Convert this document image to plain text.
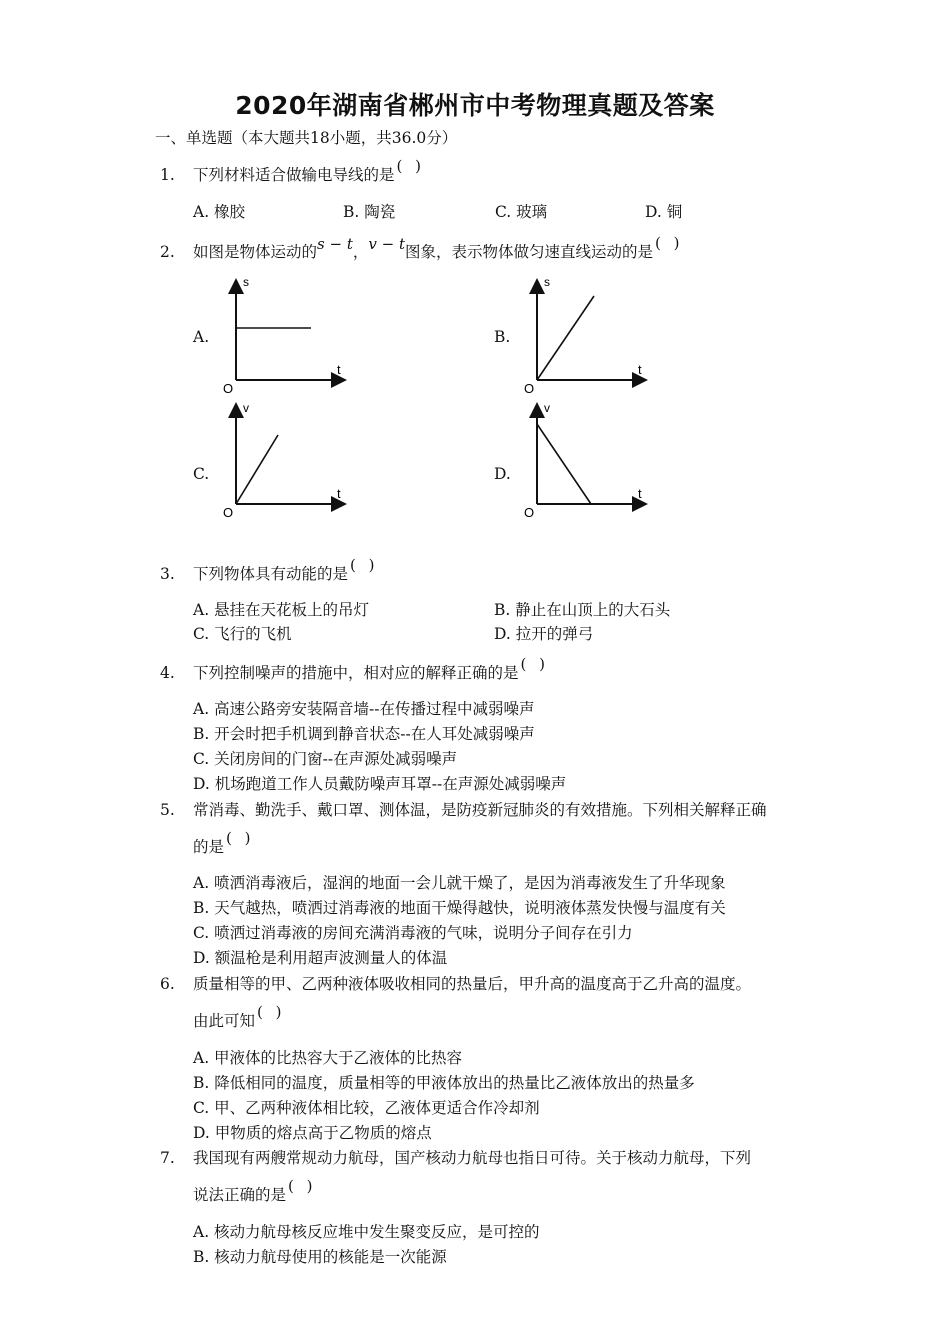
2020年湖南省郴州市中考物理真题及答案
一、单选题（本大题共18小题，共36.0分）
1. 下列材料适合做输电导线的是 ( )
A. 橡胶	B. 陶瓷	C. 玻璃	D. 铜
2. 如图是物体运动的s − t，v − t图象，表示物体做匀速直线运动的是 ( )
A.	B.
C.	D.
s
t
O
s
t
O
v
t
O
v
t
O
3. 下列物体具有动能的是 ( )
A. 悬挂在天花板上的吊灯	B. 静止在山顶上的大石头
C. 飞行的飞机	D. 拉开的弹弓
4. 下列控制噪声的措施中，相对应的解释正确的是 ( )
A. 高速公路旁安装隔音墙--在传播过程中减弱噪声
B. 开会时把手机调到静音状态--在人耳处减弱噪声
C. 关闭房间的门窗--在声源处减弱噪声
D. 机场跑道工作人员戴防噪声耳罩--在声源处减弱噪声
5. 常消毒、勤洗手、戴口罩、测体温，是防疫新冠肺炎的有效措施。下列相关解释正确
的是 ( )
A. 喷洒消毒液后，湿润的地面一会儿就干燥了，是因为消毒液发生了升华现象
B. 天气越热，喷洒过消毒液的地面干燥得越快，说明液体蒸发快慢与温度有关
C. 喷洒过消毒液的房间充满消毒液的气味，说明分子间存在引力
D. 额温枪是利用超声波测量人的体温
6. 质量相等的甲、乙两种液体吸收相同的热量后，甲升高的温度高于乙升高的温度。
由此可知 ( )
A. 甲液体的比热容大于乙液体的比热容
B. 降低相同的温度，质量相等的甲液体放出的热量比乙液体放出的热量多
C. 甲、乙两种液体相比较，乙液体更适合作冷却剂
D. 甲物质的熔点高于乙物质的熔点
7. 我国现有两艘常规动力航母，国产核动力航母也指日可待。关于核动力航母，下列
说法正确的是 ( )
A. 核动力航母核反应堆中发生聚变反应，是可控的
B. 核动力航母使用的核能是一次能源
